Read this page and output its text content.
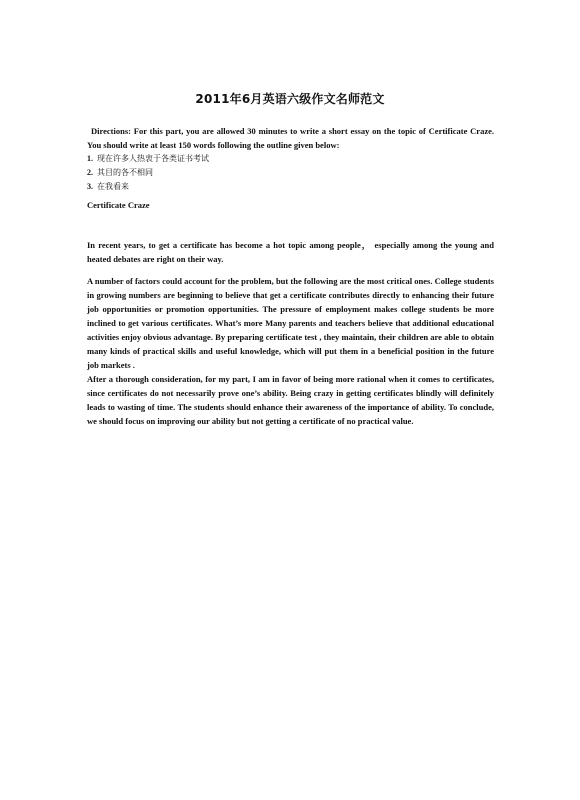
2011年6月英语六级作文名师范文

Directions: For this part, you are allowed 30 minutes to write a short essay on the topic of Certificate Craze. You should write at least 150 words following the outline given below:

1. 现在许多人热衷于各类证书考试
2. 其目的各不相同
3. 在我看来

Certificate Craze

In recent years, to get a certificate has become a hot topic among people， especially among the young and heated debates are right on their way.

A number of factors could account for the problem, but the following are the most critical ones. College students in growing numbers are beginning to believe that get a certificate contributes directly to enhancing their future job opportunities or promotion opportunities. The pressure of employment makes college students be more inclined to get various certificates. What’s more Many parents and teachers believe that additional educational activities enjoy obvious advantage. By preparing certificate test , they maintain, their children are able to obtain many kinds of practical skills and useful knowledge, which will put them in a beneficial position in the future job markets .

After a thorough consideration, for my part, I am in favor of being more rational when it comes to certificates, since certificates do not necessarily prove one’s ability. Being crazy in getting certificates blindly will definitely leads to wasting of time. The students should enhance their awareness of the importance of ability. To conclude, we should focus on improving our ability but not getting a certificate of no practical value.
